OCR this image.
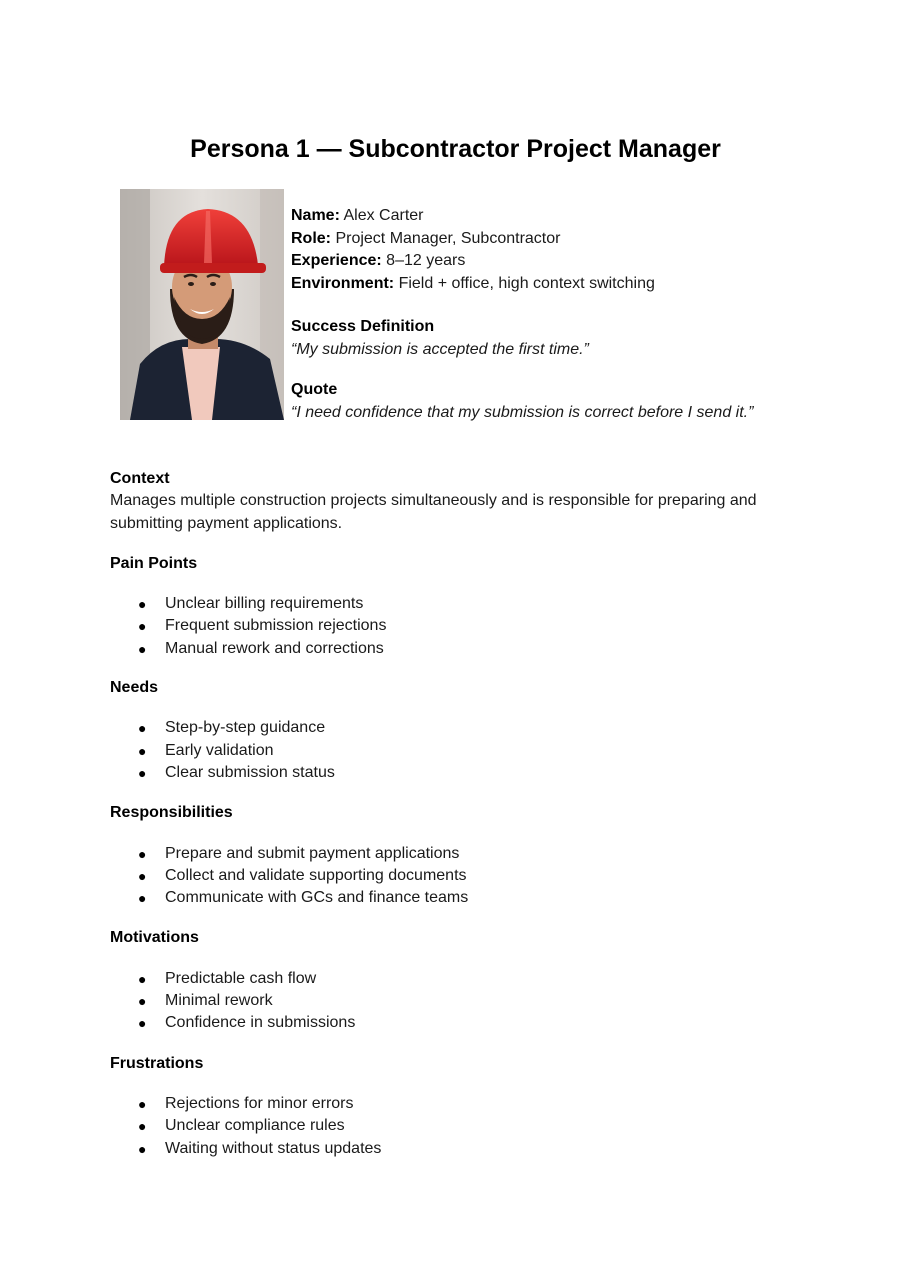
Persona 1 — Subcontractor Project Manager

Name: Alex Carter

Role: Project Manager, Subcontractor

Experience: 8–12 years

Environment: Field + office, high context switching

Success Definition

“My submission is accepted the first time.”

Quote

“I need confidence that my submission is correct before I send it.”

Context

Manages multiple construction projects simultaneously and is responsible for preparing and submitting payment applications.

Pain Points

● Unclear billing requirements
● Frequent submission rejections
● Manual rework and corrections

Needs

● Step-by-step guidance
● Early validation
● Clear submission status

Responsibilities

● Prepare and submit payment applications
● Collect and validate supporting documents
● Communicate with GCs and finance teams

Motivations

● Predictable cash flow
● Minimal rework
● Confidence in submissions

Frustrations

● Rejections for minor errors
● Unclear compliance rules
● Waiting without status updates
